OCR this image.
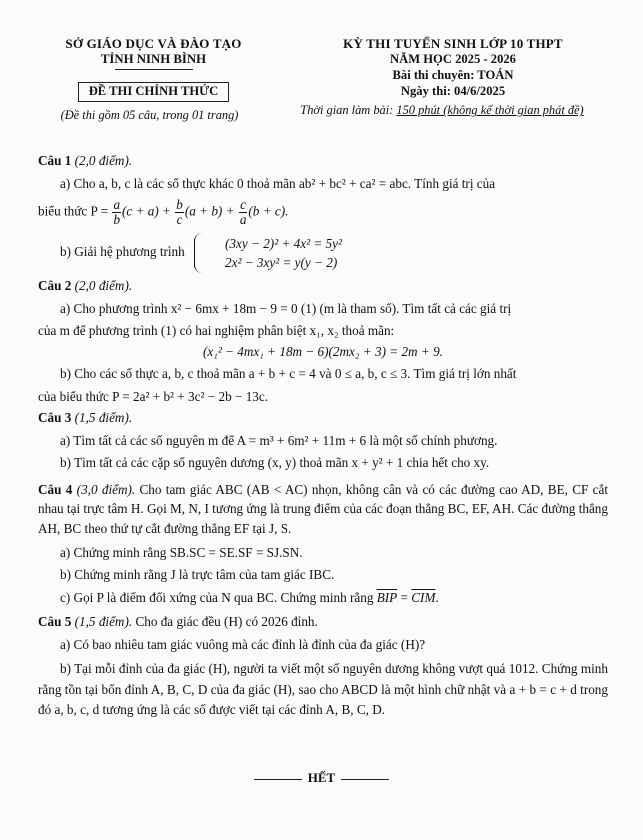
SỞ GIÁO DỤC VÀ ĐÀO TẠO
TỈNH NINH BÌNH
ĐỀ THI CHÍNH THỨC
(Đề thi gồm 05 câu, trong 01 trang)
KỲ THI TUYỂN SINH LỚP 10 THPT
NĂM HỌC 2025 - 2026
Bài thi chuyên: TOÁN
Ngày thi: 04/6/2025
Thời gian làm bài: 150 phút (không kể thời gian phát đề)
Câu 1 (2,0 điểm).

a) Cho a, b, c là các số thực khác 0 thoả mãn ab² + bc² + ca² = abc. Tính giá trị của

biểu thức $P = \frac{a}{b} (c + a) + \frac{b}{c} (a + b) + \frac{c}{a} (b + c)$.

b) Giải hệ phương trình
(3xy − 2)² + 4x² = 5y²
2x² − 3xy² = y(y − 2)

Câu 2 (2,0 điểm).

a) Cho phương trình x² − 6mx + 18m − 9 = 0 (1) (m là tham số). Tìm tất cả các giá trị

của m để phương trình (1) có hai nghiệm phân biệt x₁, x₂ thoả mãn:

(x₁² − 4mx₁ + 18m − 6)(2mx₂ + 3) = 2m + 9.

b) Cho các số thực a, b, c thoả mãn a + b + c = 4 và 0 ≤ a, b, c ≤ 3. Tìm giá trị lớn nhất

của biểu thức P = 2a² + b² + 3c² − 2b − 13c.

Câu 3 (1,5 điểm).

a) Tìm tất cả các số nguyên m để A = m³ + 6m² + 11m + 6 là một số chính phương.

b) Tìm tất cả các cặp số nguyên dương (x, y) thoả mãn x + y² + 1 chia hết cho xy.

Câu 4 (3,0 điểm). Cho tam giác ABC (AB < AC) nhọn, không cân và có các đường cao AD, BE, CF cắt nhau tại trực tâm H. Gọi M, N, I tương ứng là trung điểm của các đoạn thẳng BC, EF, AH. Các đường thẳng AH, BC theo thứ tự cắt đường thẳng EF tại J, S.

a) Chứng minh rằng SB.SC = SE.SF = SJ.SN.

b) Chứng minh rằng J là trực tâm của tam giác IBC.

c) Gọi P là điểm đối xứng của N qua BC. Chứng minh rằng $\overline{BIP} = \overline{CIM}$.

Câu 5 (1,5 điểm). Cho đa giác đều (H) có 2026 đỉnh.

a) Có bao nhiêu tam giác vuông mà các đỉnh là đỉnh của đa giác (H)?

b) Tại mỗi đỉnh của đa giác (H), người ta viết một số nguyên dương không vượt quá 1012. Chứng minh rằng tồn tại bốn đỉnh A, B, C, D của đa giác (H), sao cho ABCD là một hình chữ nhật và a + b = c + d trong đó a, b, c, d tương ứng là các số được viết tại các đỉnh A, B, C, D.

HẾT
